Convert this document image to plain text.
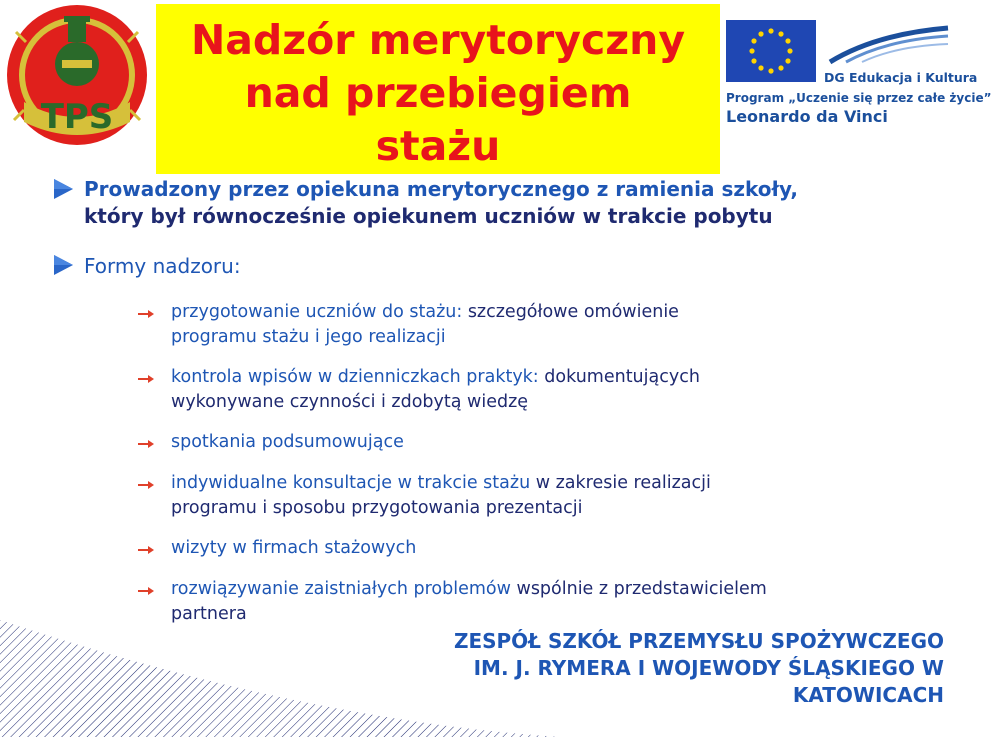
TPS
Nadzór merytoryczny
nad przebiegiem
stażu
DG Edukacja i Kultura
Program „Uczenie się przez całe życie”
Leonardo da Vinci
Prowadzony przez opiekuna merytorycznego z ramienia szkoły,
który był równocześnie opiekunem uczniów w trakcie pobytu
Formy nadzoru:
przygotowanie uczniów do stażu: szczegółowe omówienie
programu stażu i jego realizacji
kontrola wpisów w dzienniczkach praktyk: dokumentujących
wykonywane czynności i zdobytą wiedzę
spotkania podsumowujące
indywidualne konsultacje w trakcie stażu w zakresie realizacji
programu i sposobu przygotowania prezentacji
wizyty w firmach stażowych
rozwiązywanie zaistniałych problemów wspólnie z przedstawicielem
partnera
ZESPÓŁ SZKÓŁ PRZEMYSŁU SPOŻYWCZEGO
IM. J. RYMERA I WOJEWODY ŚLĄSKIEGO W
KATOWICACH
